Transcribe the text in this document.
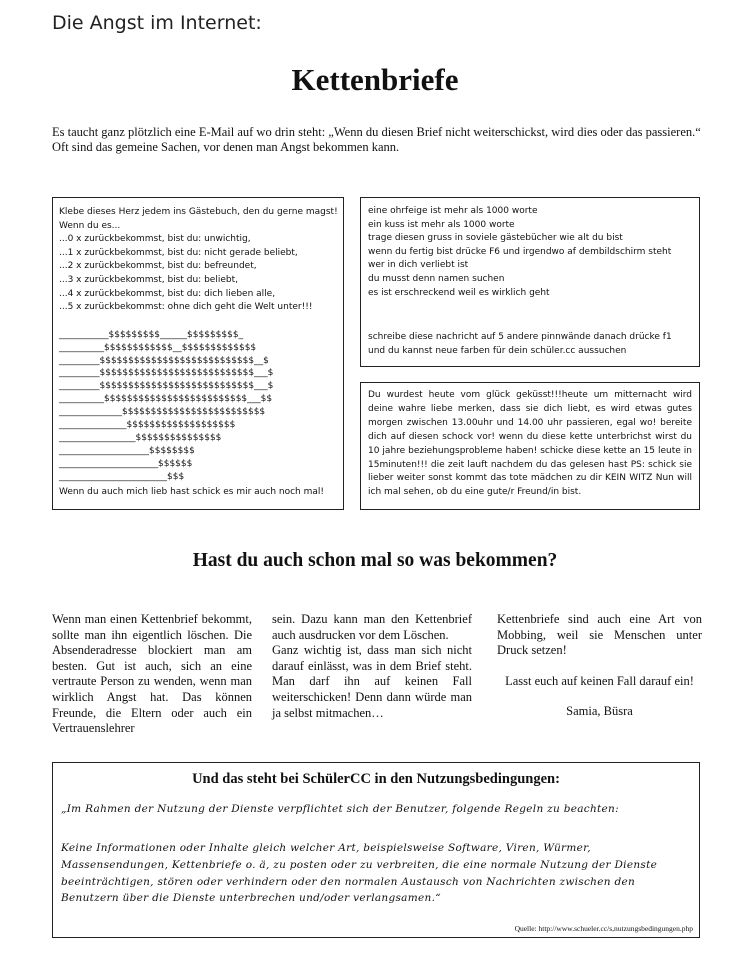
Die Angst im Internet:
Kettenbriefe
Es taucht ganz plötzlich eine E-Mail auf wo drin steht: „Wenn du diesen Brief nicht weiterschickst, wird dies oder das passieren.“
Oft sind das gemeine Sachen, vor denen man Angst bekommen kann.
Klebe dieses Herz jedem ins Gästebuch, den du gerne magst!
Wenn du es...
...0 x zurückbekommst, bist du: unwichtig,
...1 x zurückbekommst, bist du: nicht gerade beliebt,
...2 x zurückbekommst, bist du: befreundet,
...3 x zurückbekommst, bist du: beliebt,
...4 x zurückbekommst, bist du: dich lieben alle,
...5 x zurückbekommst: ohne dich geht die Welt unter!!!
___________$$$$$$$$$______$$$$$$$$$_
__________$$$$$$$$$$$$__$$$$$$$$$$$$$
_________$$$$$$$$$$$$$$$$$$$$$$$$$$$__$
_________$$$$$$$$$$$$$$$$$$$$$$$$$$$___$
_________$$$$$$$$$$$$$$$$$$$$$$$$$$$___$
__________$$$$$$$$$$$$$$$$$$$$$$$$$___$$
______________$$$$$$$$$$$$$$$$$$$$$$$$$
_______________$$$$$$$$$$$$$$$$$$$
_________________$$$$$$$$$$$$$$$
____________________$$$$$$$$
______________________$$$$$$
________________________$$$
Wenn du auch mich lieb hast schick es mir auch noch mal!
eine ohrfeige ist mehr als 1000 worte
ein kuss ist mehr als 1000 worte
trage diesen gruss in soviele gästebücher wie alt du bist
wenn du fertig bist drücke F6 und irgendwo af dembildschirm steht
wer in dich verliebt ist
du musst denn namen suchen
es ist erschreckend weil es wirklich geht
schreibe diese nachricht auf 5 andere pinnwände danach drücke f1
und du kannst neue farben für dein schüler.cc aussuchen
Du wurdest heute vom glück geküsst!!!heute um mitternacht wird deine wahre liebe merken, dass sie dich liebt, es wird etwas gutes morgen zwischen 13.00uhr und 14.00 uhr passieren, egal wo! bereite dich auf diesen schock vor! wenn du diese kette unterbrichst wirst du 10 jahre beziehungsprobleme haben! schicke diese kette an 15 leute in 15minuten!!! die zeit lauft nachdem du das gelesen hast PS: schick sie lieber weiter sonst kommt das tote mädchen zu dir KEIN WITZ Nun will ich mal sehen, ob du eine gute/r Freund/in bist.
Hast du auch schon mal so was bekommen?
Wenn man einen Kettenbrief bekommt, sollte man ihn eigentlich löschen. Die Absenderadresse blockiert man am besten. Gut ist auch, sich an eine vertraute Person zu wenden, wenn man wirklich Angst hat. Das können Freunde, die Eltern oder auch ein Vertrauenslehrer
sein. Dazu kann man den Kettenbrief auch ausdrucken vor dem Löschen.
Ganz wichtig ist, dass man sich nicht darauf einlässt, was in dem Brief steht. Man darf ihn auf keinen Fall weiterschicken! Denn dann würde man ja selbst mitmachen…
Kettenbriefe sind auch eine Art von Mobbing, weil sie Menschen unter Druck setzen!
Lasst euch auf keinen Fall darauf ein!
Samia, Büsra
Und das steht bei SchülerCC in den Nutzungsbedingungen:
„Im Rahmen der Nutzung der Dienste verpflichtet sich der Benutzer, folgende Regeln zu beachten:
Keine Informationen oder Inhalte gleich welcher Art, beispielsweise Software, Viren, Würmer, Massensendungen, Kettenbriefe o. ä, zu posten oder zu verbreiten, die eine normale Nutzung der Dienste beeinträchtigen, stören oder verhindern oder den normalen Austausch von Nachrichten zwischen den Benutzern über die Dienste unterbrechen und/oder verlangsamen.“
Quelle: http://www.schueler.cc/s,nutzungsbedingungen.php
